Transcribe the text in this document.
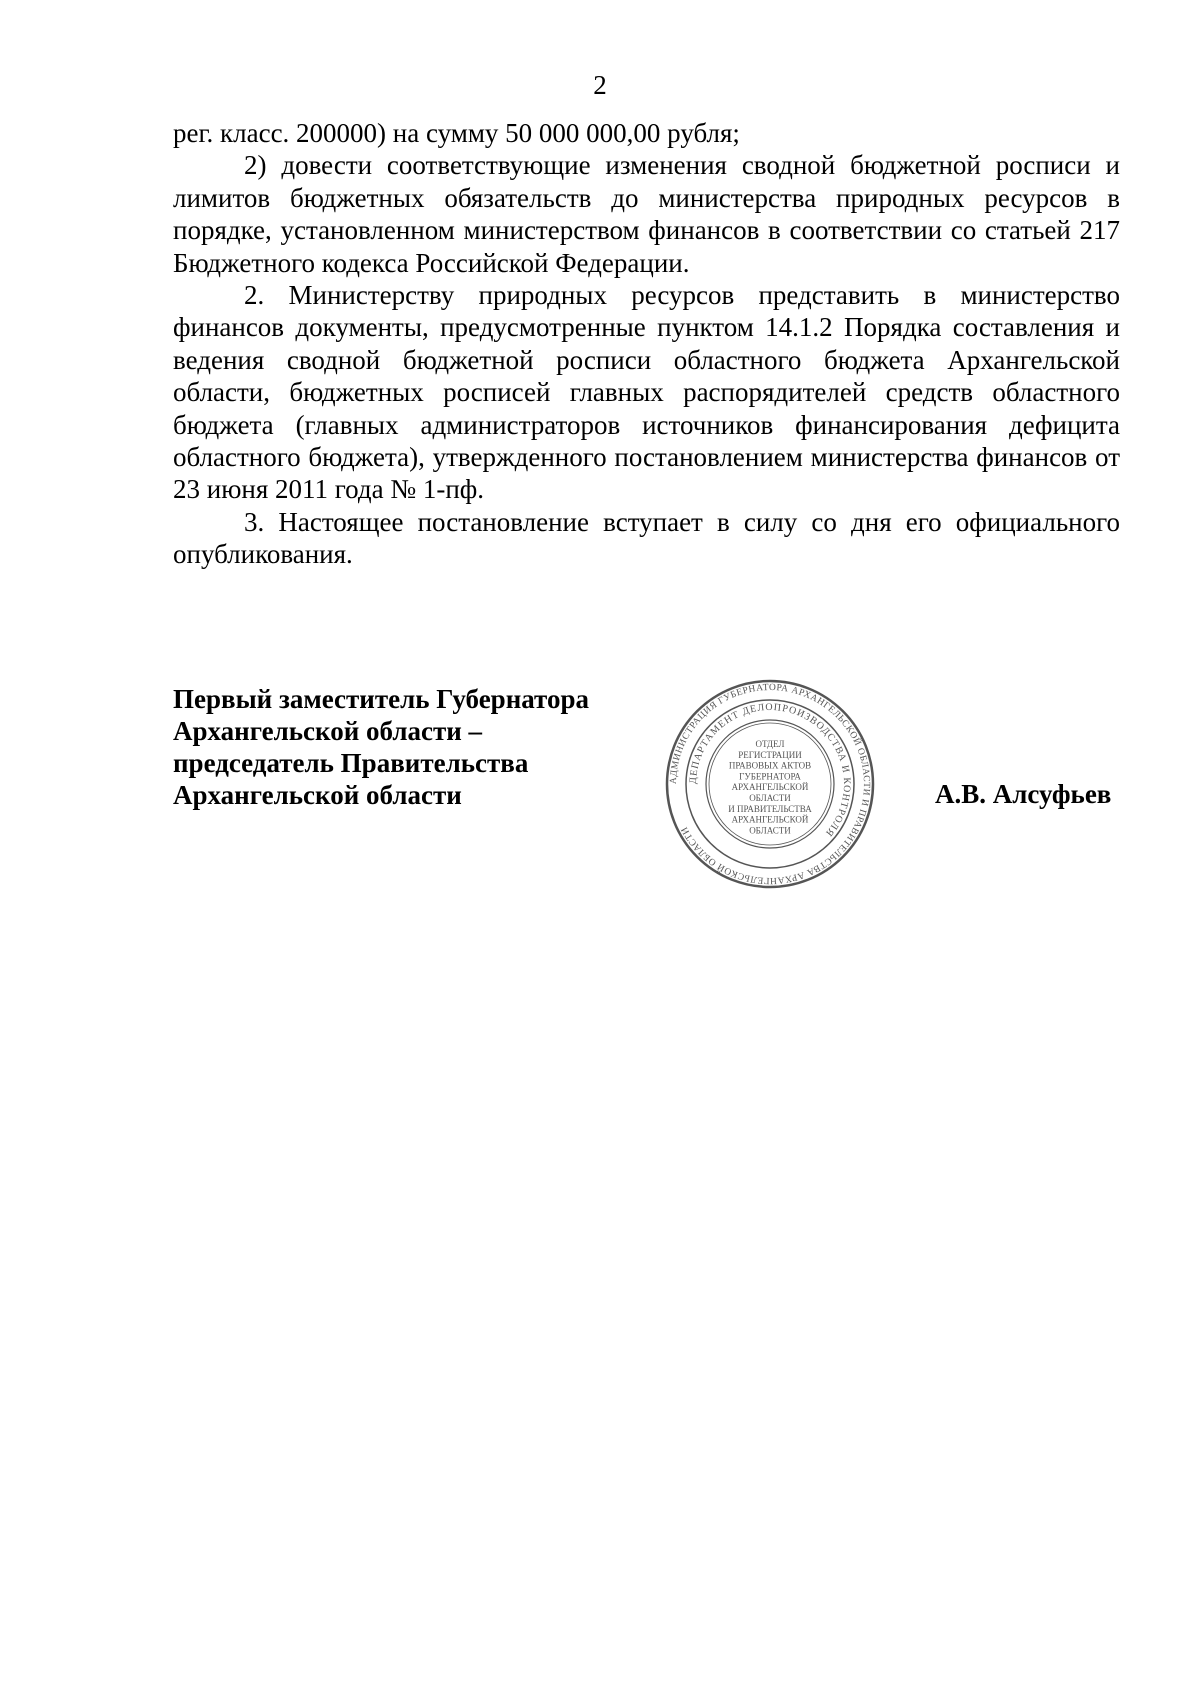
2

рег. класс. 200000) на сумму 50 000 000,00 рубля;

2) довести соответствующие изменения сводной бюджетной росписи и лимитов бюджетных обязательств до министерства природных ресурсов в порядке, установленном министерством финансов в соответствии со статьей 217 Бюджетного кодекса Российской Федерации.

2. Министерству природных ресурсов представить в министерство финансов документы, предусмотренные пунктом 14.1.2 Порядка составления и ведения сводной бюджетной росписи областного бюджета Архангельской области, бюджетных росписей главных распорядителей средств областного бюджета (главных администраторов источников финансирования дефицита областного бюджета), утвержденного постановлением министерства финансов от 23 июня 2011 года № 1-пф.

3. Настоящее постановление вступает в силу со дня его официального опубликования.

Первый заместитель Губернатора
Архангельской области –
председатель Правительства
Архангельской области	АДМИНИСТРАЦИЯ ГУБЕРНАТОРА АРХАНГЕЛЬСКОЙ ОБЛАСТИ И ПРАВИТЕЛЬСТВА АРХАНГЕЛЬСКОЙ ОБЛАСТИ
ДЕПАРТАМЕНТ ДЕЛОПРОИЗВОДСТВА И КОНТРОЛЯ
ОТДЕЛ
РЕГИСТРАЦИИ
ПРАВОВЫХ АКТОВ
ГУБЕРНАТОРА
АРХАНГЕЛЬСКОЙ
ОБЛАСТИ
И ПРАВИТЕЛЬСТВА
АРХАНГЕЛЬСКОЙ
ОБЛАСТИ
А.В. Алсуфьев
